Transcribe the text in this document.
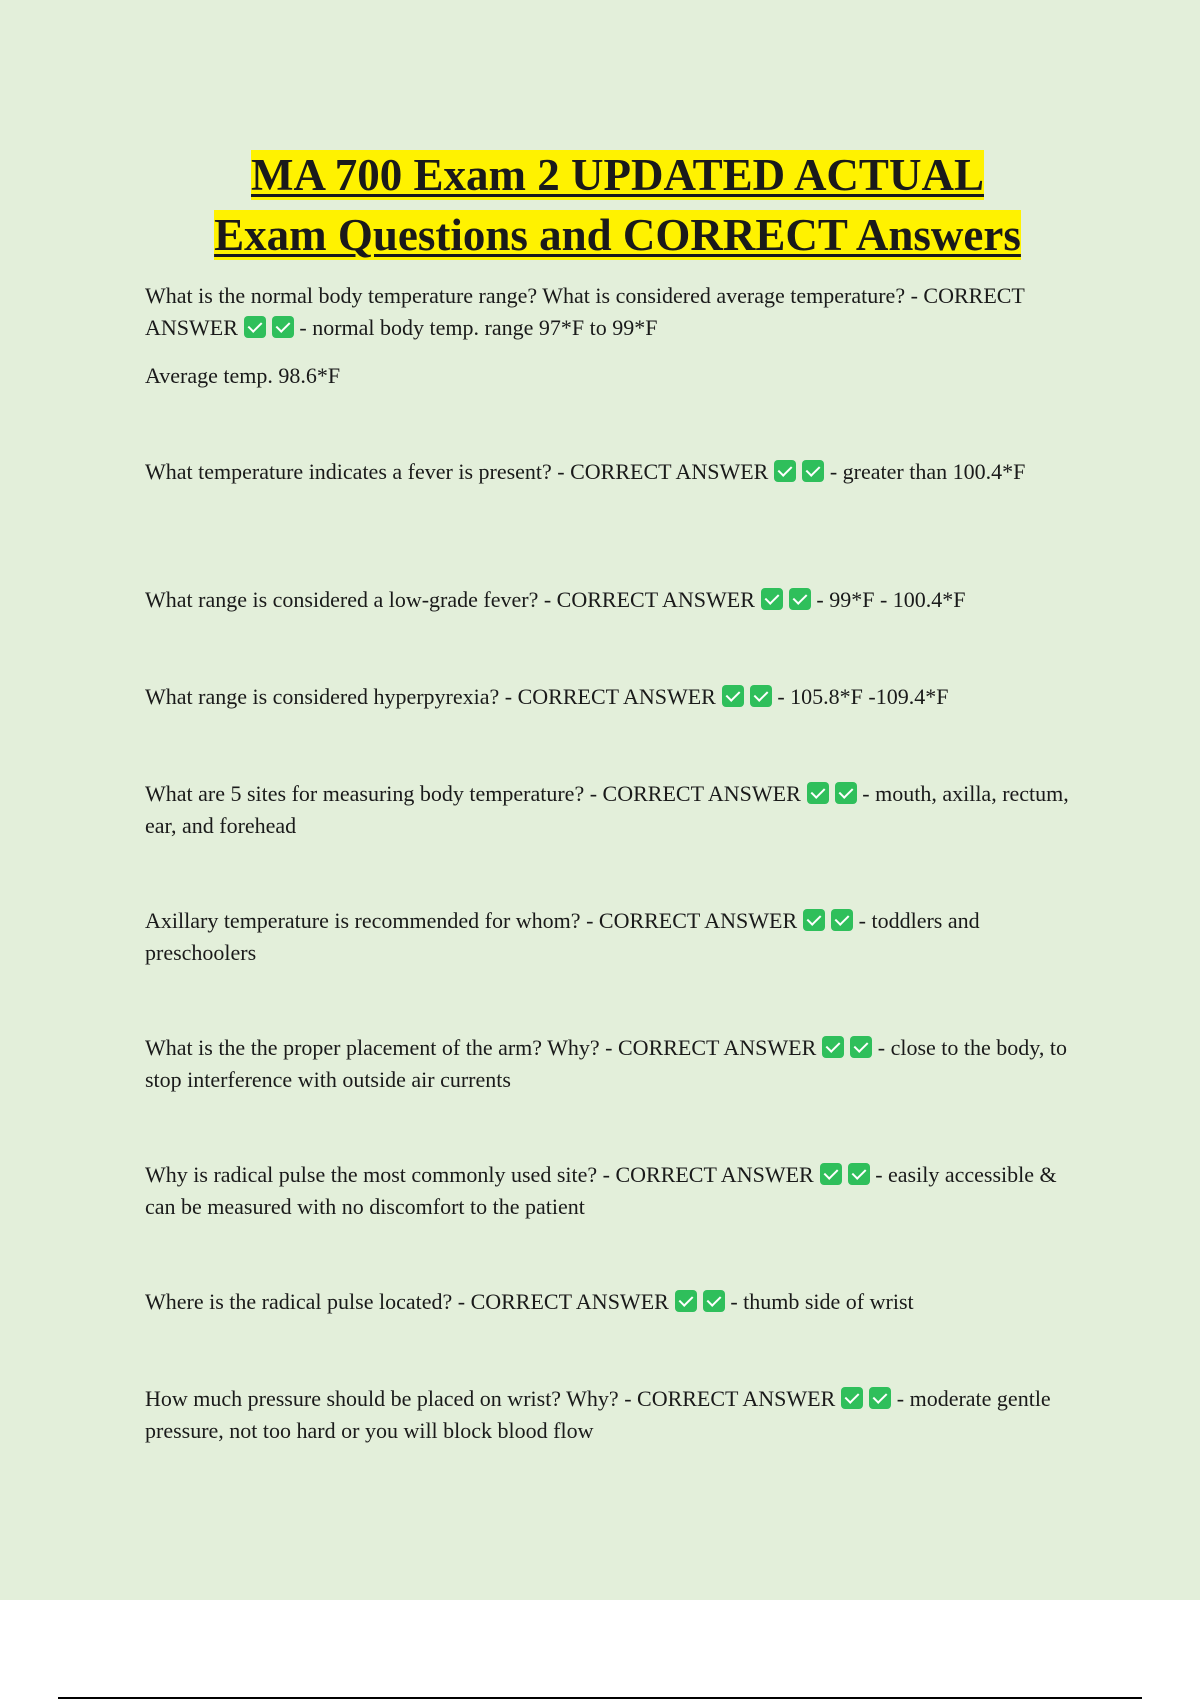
MA 700 Exam 2 UPDATED ACTUAL
Exam Questions and CORRECT Answers
What is the normal body temperature range? What is considered average temperature? - CORRECT ANSWER	- normal body temp. range 97*F to 99*F
Average temp. 98.6*F
What temperature indicates a fever is present? - CORRECT ANSWER	- greater than 100.4*F
What range is considered a low-grade fever? - CORRECT ANSWER	- 99*F - 100.4*F
What range is considered hyperpyrexia? - CORRECT ANSWER	- 105.8*F -109.4*F
What are 5 sites for measuring body temperature? - CORRECT ANSWER	- mouth, axilla, rectum, ear, and forehead
Axillary temperature is recommended for whom? - CORRECT ANSWER	- toddlers and preschoolers
What is the the proper placement of the arm? Why? - CORRECT ANSWER	- close to the body, to stop interference with outside air currents
Why is radical pulse the most commonly used site? - CORRECT ANSWER	- easily accessible & can be measured with no discomfort to the patient
Where is the radical pulse located? - CORRECT ANSWER	- thumb side of wrist
How much pressure should be placed on wrist? Why? - CORRECT ANSWER	- moderate gentle pressure, not too hard or you will block blood flow
